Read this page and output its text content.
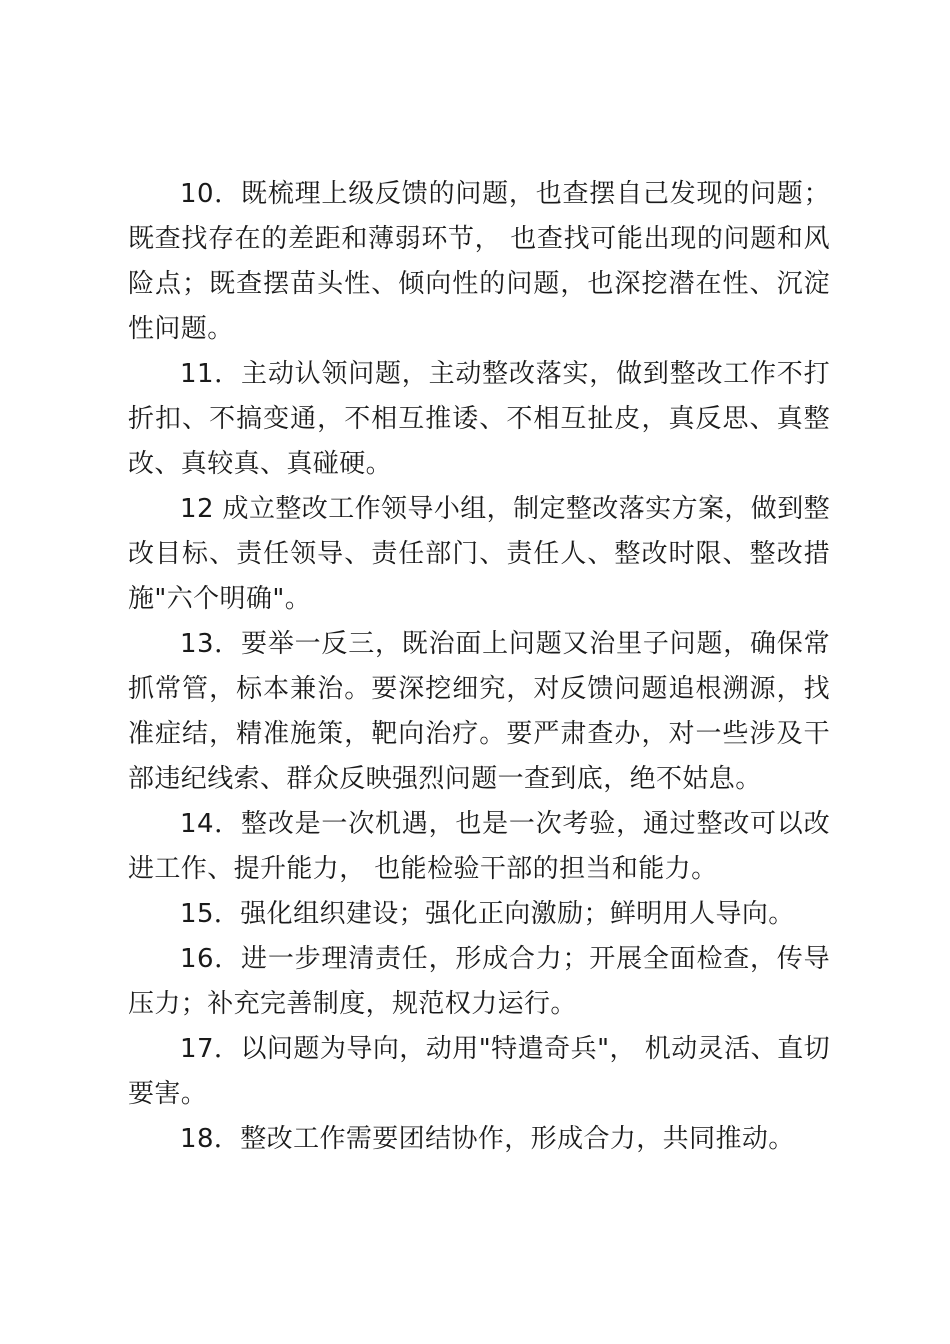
10．既梳理上级反馈的问题，也查摆自己发现的问题；既查找存在的差距和薄弱环节， 也查找可能出现的问题和风险点；既查摆苗头性、倾向性的问题，也深挖潜在性、沉淀性问题。

11．主动认领问题，主动整改落实，做到整改工作不打折扣、不搞变通，不相互推诿、不相互扯皮，真反思、真整改、真较真、真碰硬。

12 成立整改工作领导小组，制定整改落实方案，做到整改目标、责任领导、责任部门、责任人、整改时限、整改措施"六个明确"。

13．要举一反三，既治面上问题又治里子问题，确保常抓常管，标本兼治。要深挖细究，对反馈问题追根溯源，找准症结，精准施策，靶向治疗。要严肃查办，对一些涉及干部违纪线索、群众反映强烈问题一查到底，绝不姑息。

14．整改是一次机遇，也是一次考验，通过整改可以改进工作、提升能力， 也能检验干部的担当和能力。

15．强化组织建设；强化正向激励；鲜明用人导向。

16．进一步理清责任，形成合力；开展全面检查，传导压力；补充完善制度，规范权力运行。

17．以问题为导向，动用"特遣奇兵"， 机动灵活、直切要害。

18．整改工作需要团结协作，形成合力，共同推动。
